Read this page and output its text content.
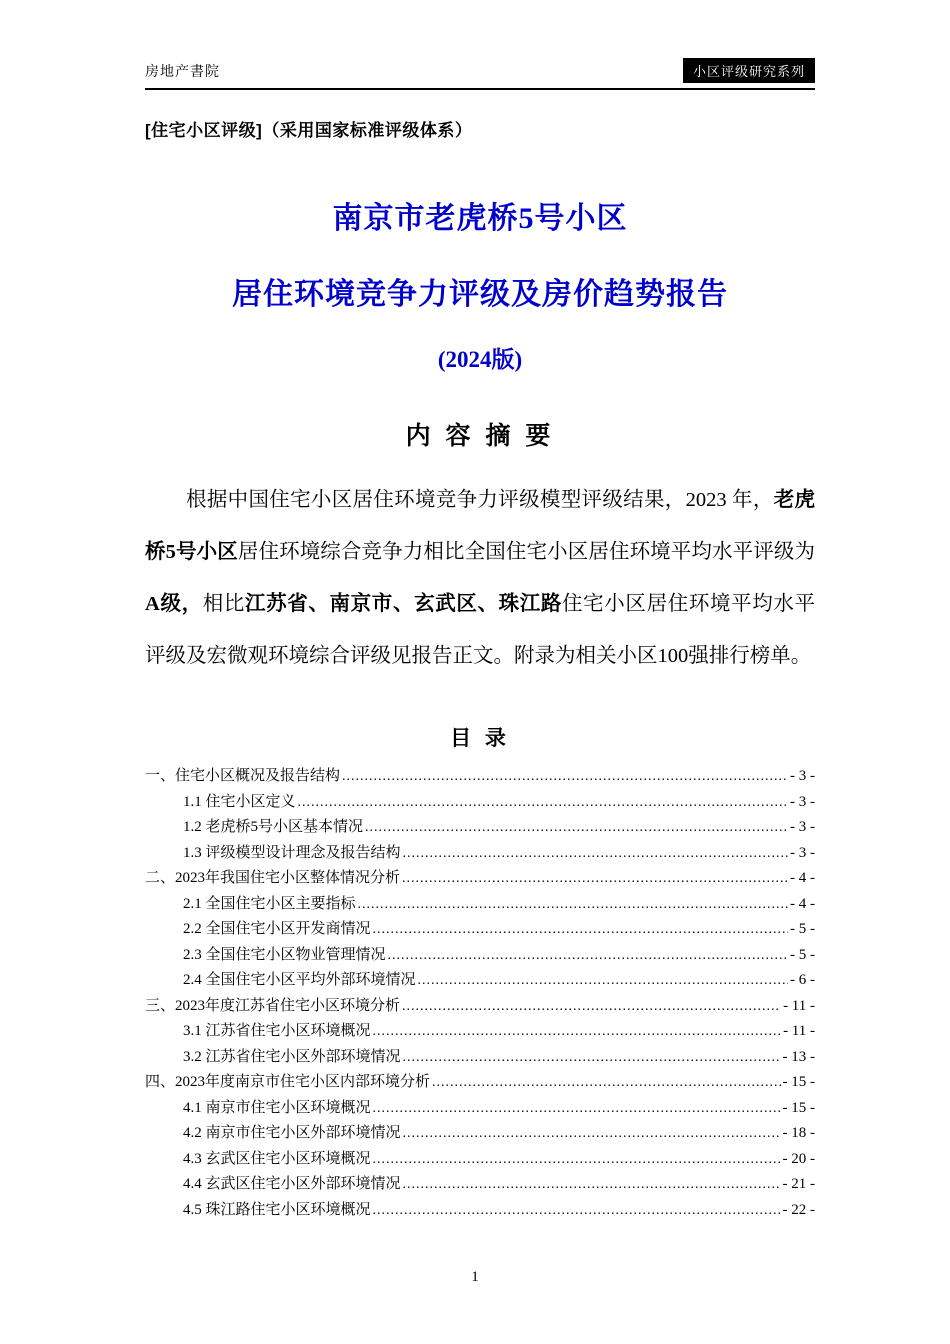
房地产書院	小区评级研究系列
[住宅小区评级]（采用国家标准评级体系）
南京市老虎桥5号小区
居住环境竞争力评级及房价趋势报告
(2024版)
内 容 摘 要

根据中国住宅小区居住环境竞争力评级模型评级结果，2023 年，老虎桥5号小区居住环境综合竞争力相比全国住宅小区居住环境平均水平评级为A级，相比江苏省、南京市、玄武区、珠江路住宅小区居住环境平均水平评级及宏微观环境综合评级见报告正文。附录为相关小区100强排行榜单。

目 录
一、住宅小区概况及报告结构 .....	- 3 -
1.1 住宅小区定义 .....	- 3 -
1.2 老虎桥5号小区基本情况 .....	- 3 -
1.3 评级模型设计理念及报告结构 .....	- 3 -
二、2023年我国住宅小区整体情况分析 .....	- 4 -
2.1 全国住宅小区主要指标 .....	- 4 -
2.2 全国住宅小区开发商情况 .....	- 5 -
2.3 全国住宅小区物业管理情况 .....	- 5 -
2.4 全国住宅小区平均外部环境情况 .....	- 6 -
三、2023年度江苏省住宅小区环境分析 .....	- 11 -
3.1 江苏省住宅小区环境概况 .....	- 11 -
3.2 江苏省住宅小区外部环境情况 .....	- 13 -
四、2023年度南京市住宅小区内部环境分析 .....	- 15 -
4.1 南京市住宅小区环境概况 .....	- 15 -
4.2 南京市住宅小区外部环境情况 .....	- 18 -
4.3 玄武区住宅小区环境概况 .....	- 20 -
4.4 玄武区住宅小区外部环境情况 .....	- 21 -
4.5 珠江路住宅小区环境概况 .....	- 22 -
1
